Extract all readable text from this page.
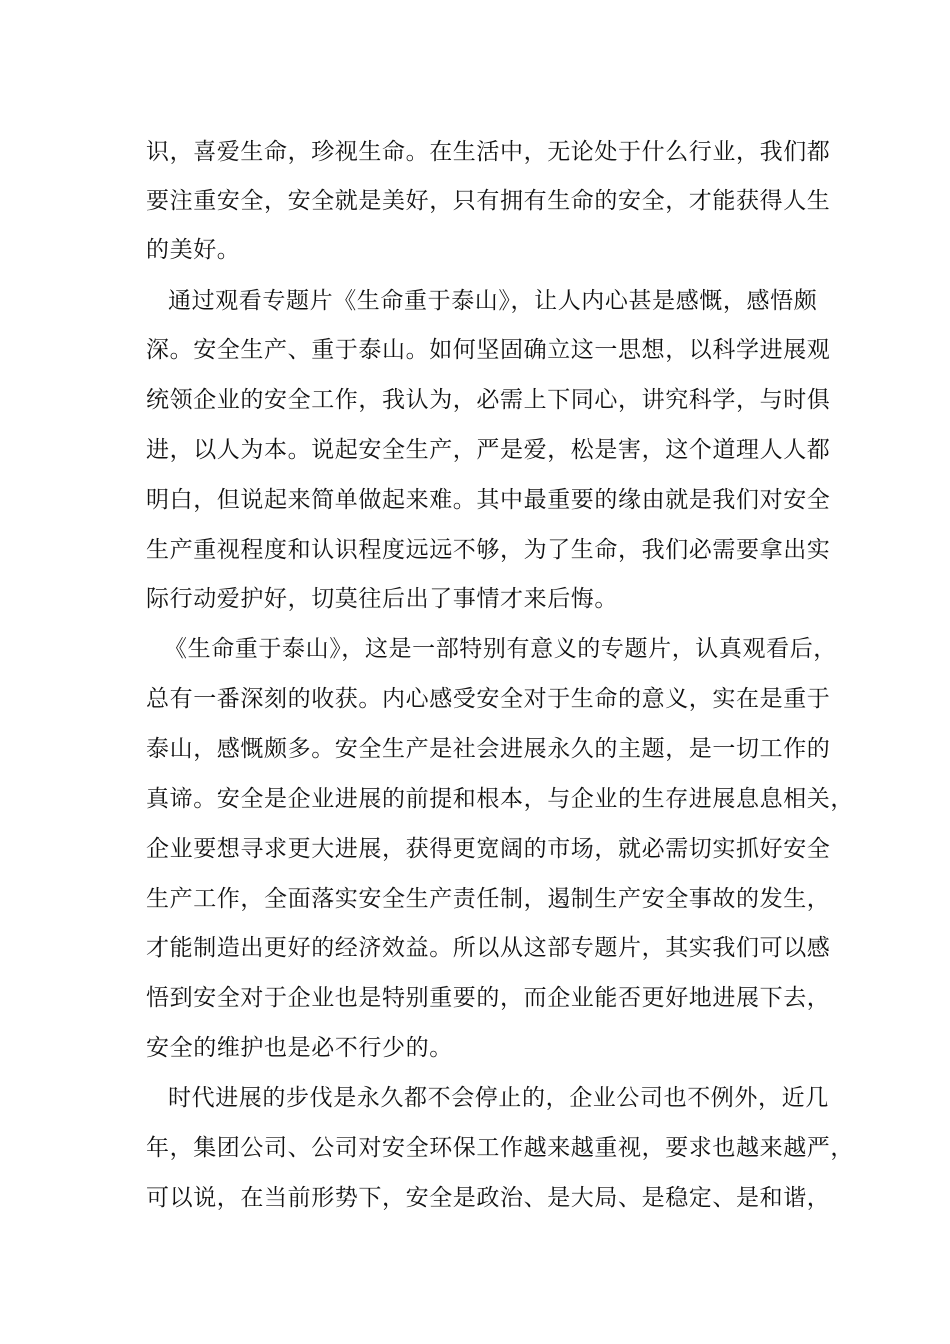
识，喜爱生命，珍视生命。在生活中，无论处于什么行业，我们都
要注重安全，安全就是美好，只有拥有生命的安全，才能获得人生
的美好。
通过观看专题片《生命重于泰山》，让人内心甚是感慨，感悟颇
深。安全生产、重于泰山。如何坚固确立这一思想，以科学进展观
统领企业的安全工作，我认为，必需上下同心，讲究科学，与时俱
进，以人为本。说起安全生产，严是爱，松是害，这个道理人人都
明白，但说起来简单做起来难。其中最重要的缘由就是我们对安全
生产重视程度和认识程度远远不够，为了生命，我们必需要拿出实
际行动爱护好，切莫往后出了事情才来后悔。
《生命重于泰山》，这是一部特别有意义的专题片，认真观看后，
总有一番深刻的收获。内心感受安全对于生命的意义，实在是重于
泰山，感慨颇多。安全生产是社会进展永久的主题，是一切工作的
真谛。安全是企业进展的前提和根本，与企业的生存进展息息相关，
企业要想寻求更大进展，获得更宽阔的市场，就必需切实抓好安全
生产工作，全面落实安全生产责任制，遏制生产安全事故的发生，
才能制造出更好的经济效益。所以从这部专题片，其实我们可以感
悟到安全对于企业也是特别重要的，而企业能否更好地进展下去，
安全的维护也是必不行少的。
时代进展的步伐是永久都不会停止的，企业公司也不例外，近几
年，集团公司、公司对安全环保工作越来越重视，要求也越来越严，
可以说，在当前形势下，安全是政治、是大局、是稳定、是和谐，
